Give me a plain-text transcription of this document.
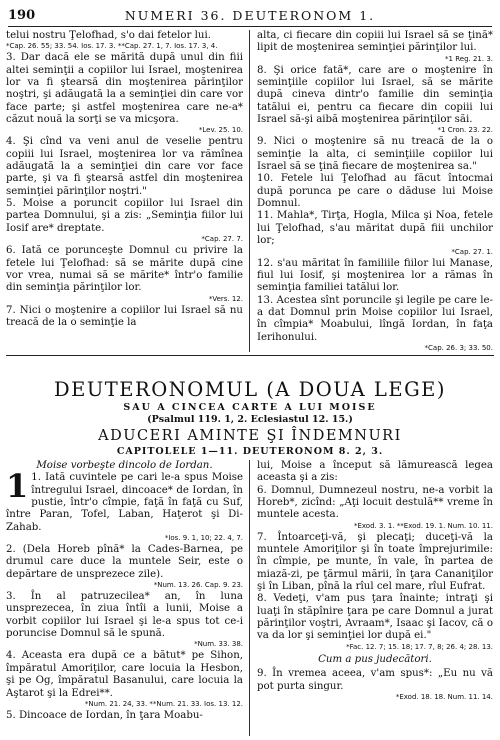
190	NUMERI 36. DEUTERONOM 1.

telui nostru Ţelofhad, s'o dai fetelor lui.

*Cap. 26. 55; 33. 54. Ios. 17. 3. **Cap. 27. 1, 7. Ios. 17. 3, 4.

3. Dar dacă ele se mărită după unul din fiii altei seminţii a copiilor lui Israel, moştenirea lor va fi ştearsă din moştenirea părinţilor noştri, şi adăugată la a seminţiei din care vor face parte; şi astfel moştenirea care ne-a* căzut nouă la sorţi se va micşora.

*Lev. 25. 10.

4. Şi cînd va veni anul de veselie pentru copiii lui Israel, moştenirea lor va rămînea adăugată la a seminţiei din care vor face parte, şi va fi ştearsă astfel din moştenirea seminţiei părinţilor noştri."

5. Moise a poruncit copiilor lui Israel din partea Domnului, şi a zis: „Seminţia fiilor lui Iosif are* dreptate.

*Cap. 27. 7.

6. Iată ce porunceşte Domnul cu privire la fetele lui Ţelofhad: să se mărite după cine vor vrea, numai să se mărite* într'o familie din seminţia părinţilor lor.

*Vers. 12.

7. Nici o moştenire a copiilor lui Israel să nu treacă de la o seminţie la

alta, ci fiecare din copiii lui Israel să se ţină* lipit de moştenirea seminţiei părinţilor lui.

*1 Reg. 21. 3.

8. Şi orice fată*, care are o moştenire în seminţiile copiilor lui Israel, să se mărite după cineva dintr'o familie din seminţia tatălui ei, pentru ca fiecare din copiii lui Israel să-şi aibă moştenirea părinţilor săi.

*1 Cron. 23. 22.

9. Nici o moştenire să nu treacă de la o seminţie la alta, ci seminţiile copiilor lui Israel să se ţină fiecare de moştenirea sa."

10. Fetele lui Ţelofhad au făcut întocmai după porunca pe care o dăduse lui Moise Domnul.

11. Mahla*, Tirţa, Hogla, Milca şi Noa, fetele lui Ţelofhad, s'au măritat după fiii unchilor lor;

*Cap. 27. 1.

12. s'au măritat în familiile fiilor lui Manase, fiul lui Iosif, şi moştenirea lor a rămas în seminţia familiei tatălui lor.

13. Acestea sînt poruncile şi legile pe care le-a dat Domnul prin Moise copiilor lui Israel, în cîmpia* Moabului, lîngă Iordan, în faţa Ierihonului.

*Cap. 26. 3; 33. 50.

DEUTERONOMUL (A DOUA LEGE)
SAU A CINCEA CARTE A LUI MOISE
(Psalmul 119. 1, 2. Eclesiastul 12. 15.)
ADUCERI AMINTE ŞI ÎNDEMNURI
CAPITOLELE 1—11. DEUTERONOM 8. 2, 3.

Moise vorbeşte dincolo de Iordan.

1 1. Iată cuvintele pe cari le-a spus Moise întregului Israel, dincoace* de Iordan, în pustie, într'o cîmpie, faţă în faţă cu Suf, între Paran, Tofel, Laban, Haţerot şi Di-Zahab.

*Ios. 9. 1, 10; 22. 4, 7.

2. (Dela Horeb pînă* la Cades-Barnea, pe drumul care duce la muntele Seir, este o depărtare de unsprezece zile).

*Num. 13. 26. Cap. 9. 23.

3. În al patruzecilea* an, în luna unsprezecea, în ziua întîi a lunii, Moise a vorbit copiilor lui Israel şi le-a spus tot ce-i poruncise Domnul să le spună.

*Num. 33. 38.

4. Aceasta era după ce a bătut* pe Sihon, împăratul Amoriţilor, care locuia la Hesbon, şi pe Og, împăratul Basanului, care locuia la Aştarot şi la Edrei**.

*Num. 21. 24, 33. **Num. 21. 33. Ios. 13. 12.

5. Dincoace de Iordan, în ţara Moabu-

lui, Moise a început să lămurească legea aceasta şi a zis:

6. Domnul, Dumnezeul nostru, ne-a vorbit la Horeb*, zicînd: „Aţi locuit destulă** vreme în muntele acesta.

*Exod. 3. 1. **Exod. 19. 1. Num. 10. 11.

7. Întoarceţi-vă, şi plecaţi; duceţi-vă la muntele Amoriţilor şi în toate împrejurimile: în cîmpie, pe munte, în vale, în partea de miază-zi, pe ţărmul mării, în ţara Cananiţilor şi în Liban, pînă la rîul cel mare, rîul Eufrat.

8. Vedeţi, v'am pus ţara înainte; intraţi şi luaţi în stăpînire ţara pe care Domnul a jurat părinţilor voştri, Avraam*, Isaac şi Iacov, că o va da lor şi seminţiei lor după ei."

*Fac. 12. 7; 15. 18; 17. 7, 8; 26. 4; 28. 13.

Cum a pus judecători.

9. În vremea aceea, v'am spus*: „Eu nu vă pot purta singur.

*Exod. 18. 18. Num. 11. 14.
